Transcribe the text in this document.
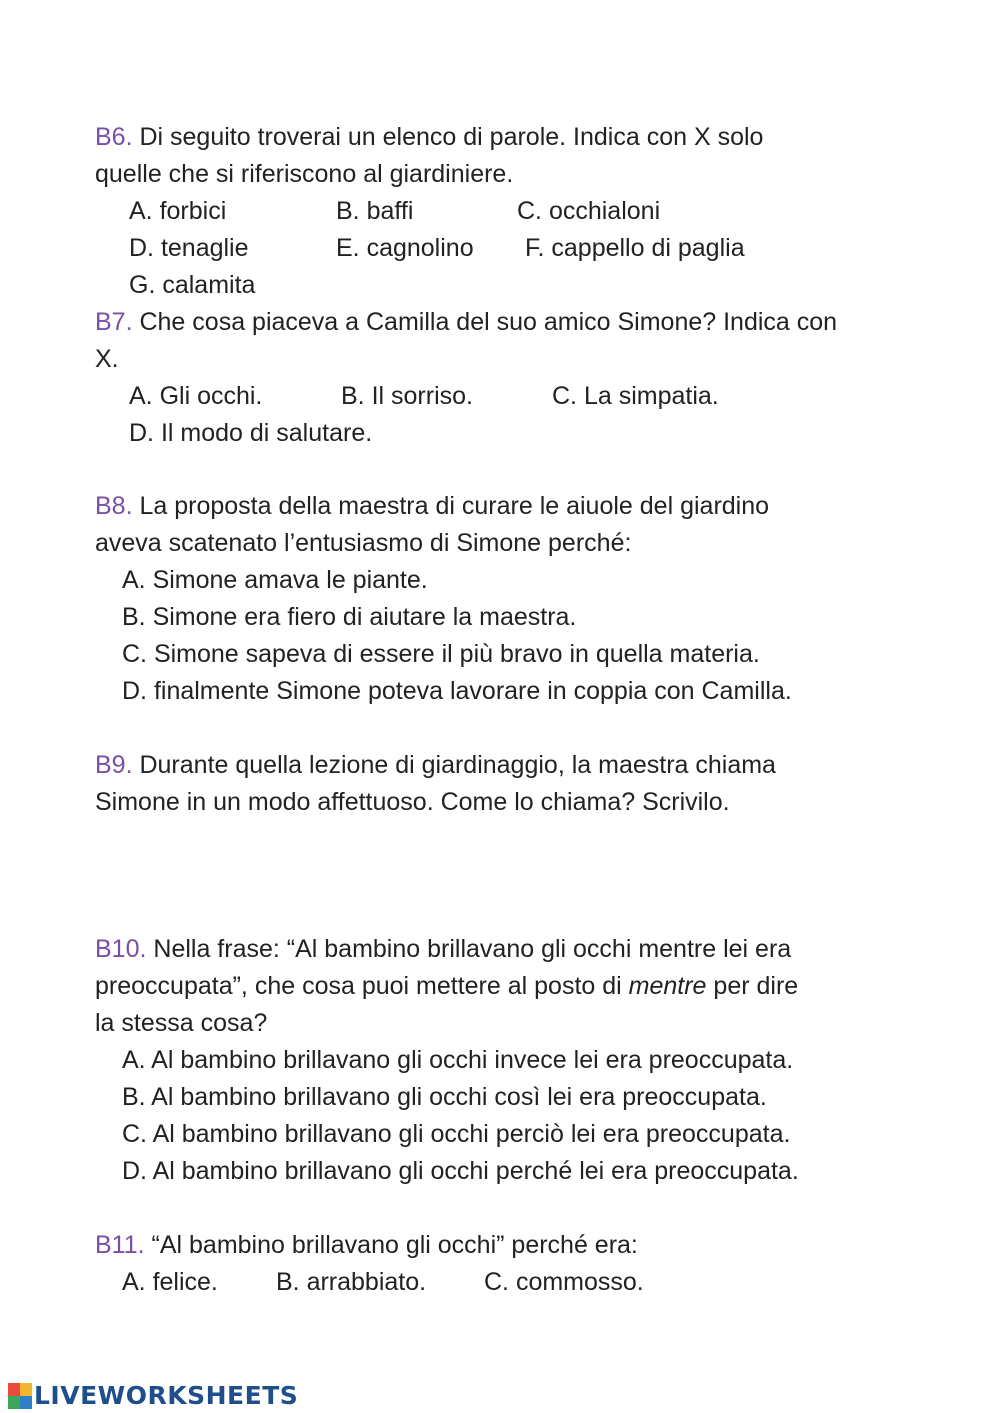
B6. Di seguito troverai un elenco di parole. Indica con X solo
quelle che si riferiscono al giardiniere.
A. forbici	B. baffi	C. occhialoni
D. tenaglie	E. cagnolino F. cappello di paglia
G. calamita
B7. Che cosa piaceva a Camilla del suo amico Simone? Indica con
X.
A. Gli occhi.	B. Il sorriso.	C. La simpatia.
D. Il modo di salutare.
B8. La proposta della maestra di curare le aiuole del giardino
aveva scatenato l’entusiasmo di Simone perché:
A. Simone amava le piante.
B. Simone era fiero di aiutare la maestra.
C. Simone sapeva di essere il più bravo in quella materia.
D. finalmente Simone poteva lavorare in coppia con Camilla.
B9. Durante quella lezione di giardinaggio, la maestra chiama
Simone in un modo affettuoso. Come lo chiama? Scrivilo.
B10. Nella frase: “Al bambino brillavano gli occhi mentre lei era
preoccupata”, che cosa puoi mettere al posto di mentre per dire
la stessa cosa?
A. Al bambino brillavano gli occhi invece lei era preoccupata.
B. Al bambino brillavano gli occhi così lei era preoccupata.
C. Al bambino brillavano gli occhi perciò lei era preoccupata.
D. Al bambino brillavano gli occhi perché lei era preoccupata.
B11. “Al bambino brillavano gli occhi” perché era:
A. felice. B. arrabbiato. C. commosso.
LIVEWORKSHEETS
